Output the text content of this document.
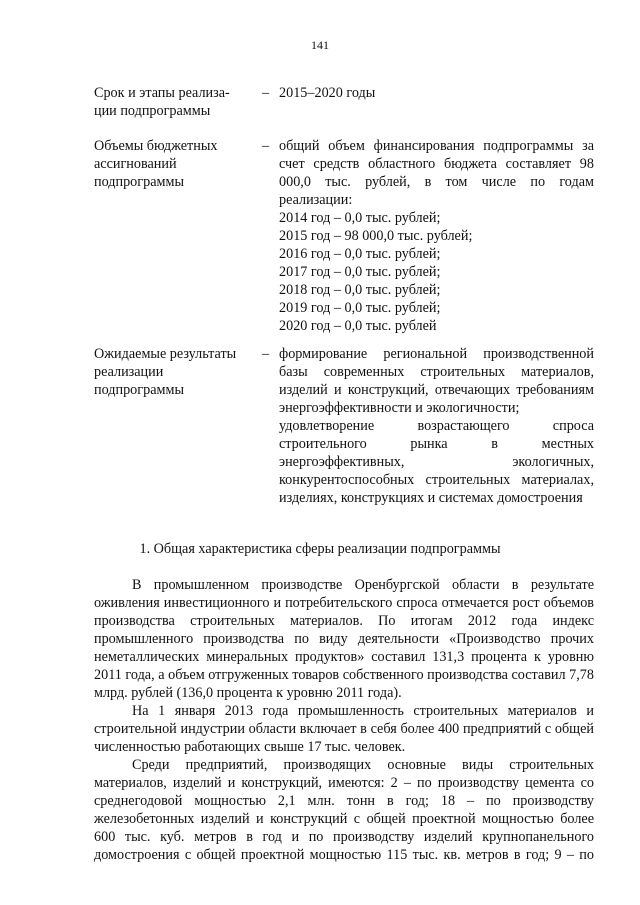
141
Срок и этапы реализа-
ции подпрограммы
– 2015–2020 годы
Объемы бюджетных
ассигнований
подпрограммы
– общий объем финансирования подпрограммы за счет средств областного бюджета составляет 98 000,0 тыс. рублей, в том числе по годам реализации:

2014 год – 0,0 тыс. рублей;
2015 год – 98 000,0 тыс. рублей;
2016 год – 0,0 тыс. рублей;
2017 год – 0,0 тыс. рублей;
2018 год – 0,0 тыс. рублей;
2019 год – 0,0 тыс. рублей;
2020 год – 0,0 тыс. рублей
Ожидаемые результаты
реализации
подпрограммы
– формирование региональной производственной базы современных строительных материалов, изделий и конструкций, отвечающих требованиям энергоэффективности и экологичности;

удовлетворение возрастающего спроса строительного рынка в местных энергоэффективных, экологичных, конкурентоспособных строительных материалах, изделиях, конструкциях и системах домостроения

1. Общая характеристика сферы реализации подпрограммы

В промышленном производстве Оренбургской области в результате оживления инвестиционного и потребительского спроса отмечается рост объемов производства строительных материалов. По итогам 2012 года индекс промышленного производства по виду деятельности «Производство прочих неметаллических минеральных продуктов» составил 131,3 процента к уровню 2011 года, а объем отгруженных товаров собственного производства составил 7,78 млрд. рублей (136,0 процента к уровню 2011 года).

На 1 января 2013 года промышленность строительных материалов и строительной индустрии области включает в себя более 400 предприятий с общей численностью работающих свыше 17 тыс. человек.

Среди предприятий, производящих основные виды строительных материалов, изделий и конструкций, имеются: 2 – по производству цемента со среднегодовой мощностью 2,1 млн. тонн в год; 18 – по производству железобетонных изделий и конструкций с общей проектной мощностью более 600 тыс. куб. метров в год и по производству изделий крупнопанельного домостроения с общей проектной мощностью 115 тыс. кв. метров в год; 9 – по
